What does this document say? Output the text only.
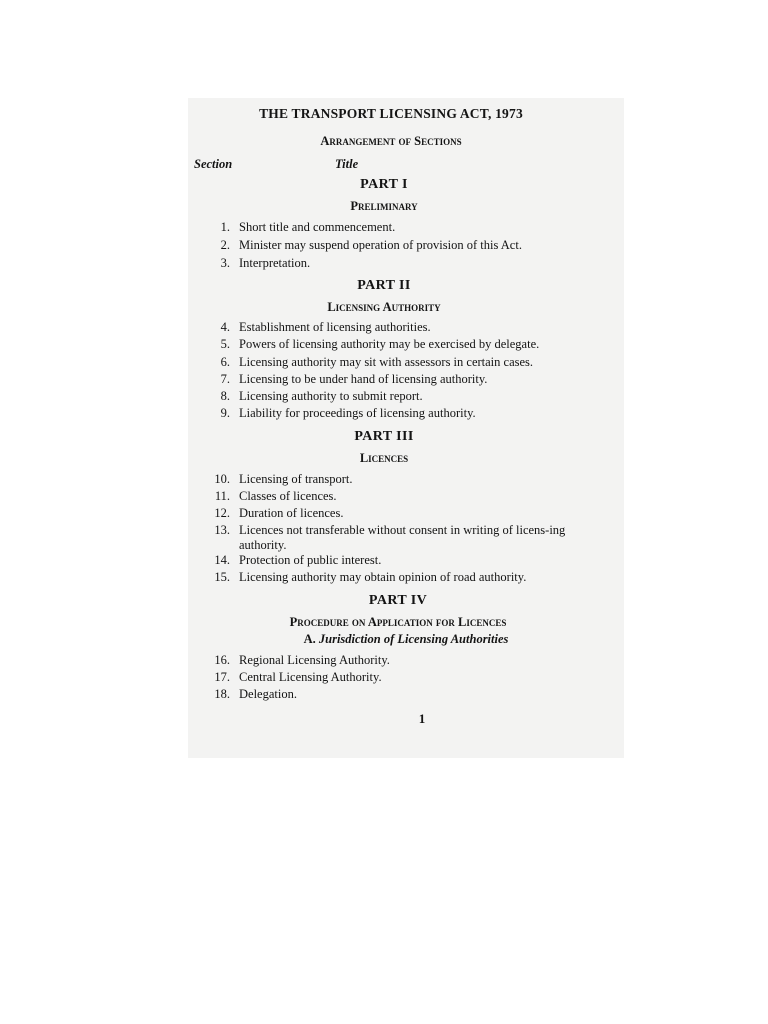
THE TRANSPORT LICENSING ACT, 1973
Arrangement of Sections
Section	Title
PART I
Preliminary
1. Short title and commencement.
2. Minister may suspend operation of provision of this Act.
3. Interpretation.
PART II
Licensing Authority
4. Establishment of licensing authorities.
5. Powers of licensing authority may be exercised by delegate.
6. Licensing authority may sit with assessors in certain cases.
7. Licensing to be under hand of licensing authority.
8. Licensing authority to submit report.
9. Liability for proceedings of licensing authority.
PART III
Licences
10. Licensing of transport.
11. Classes of licences.
12. Duration of licences.
13. Licences not transferable without consent in writing of licens-ing authority.
14. Protection of public interest.
15. Licensing authority may obtain opinion of road authority.
PART IV
Procedure on Application for Licences
A. Jurisdiction of Licensing Authorities
16. Regional Licensing Authority.
17. Central Licensing Authority.
18. Delegation.
1
